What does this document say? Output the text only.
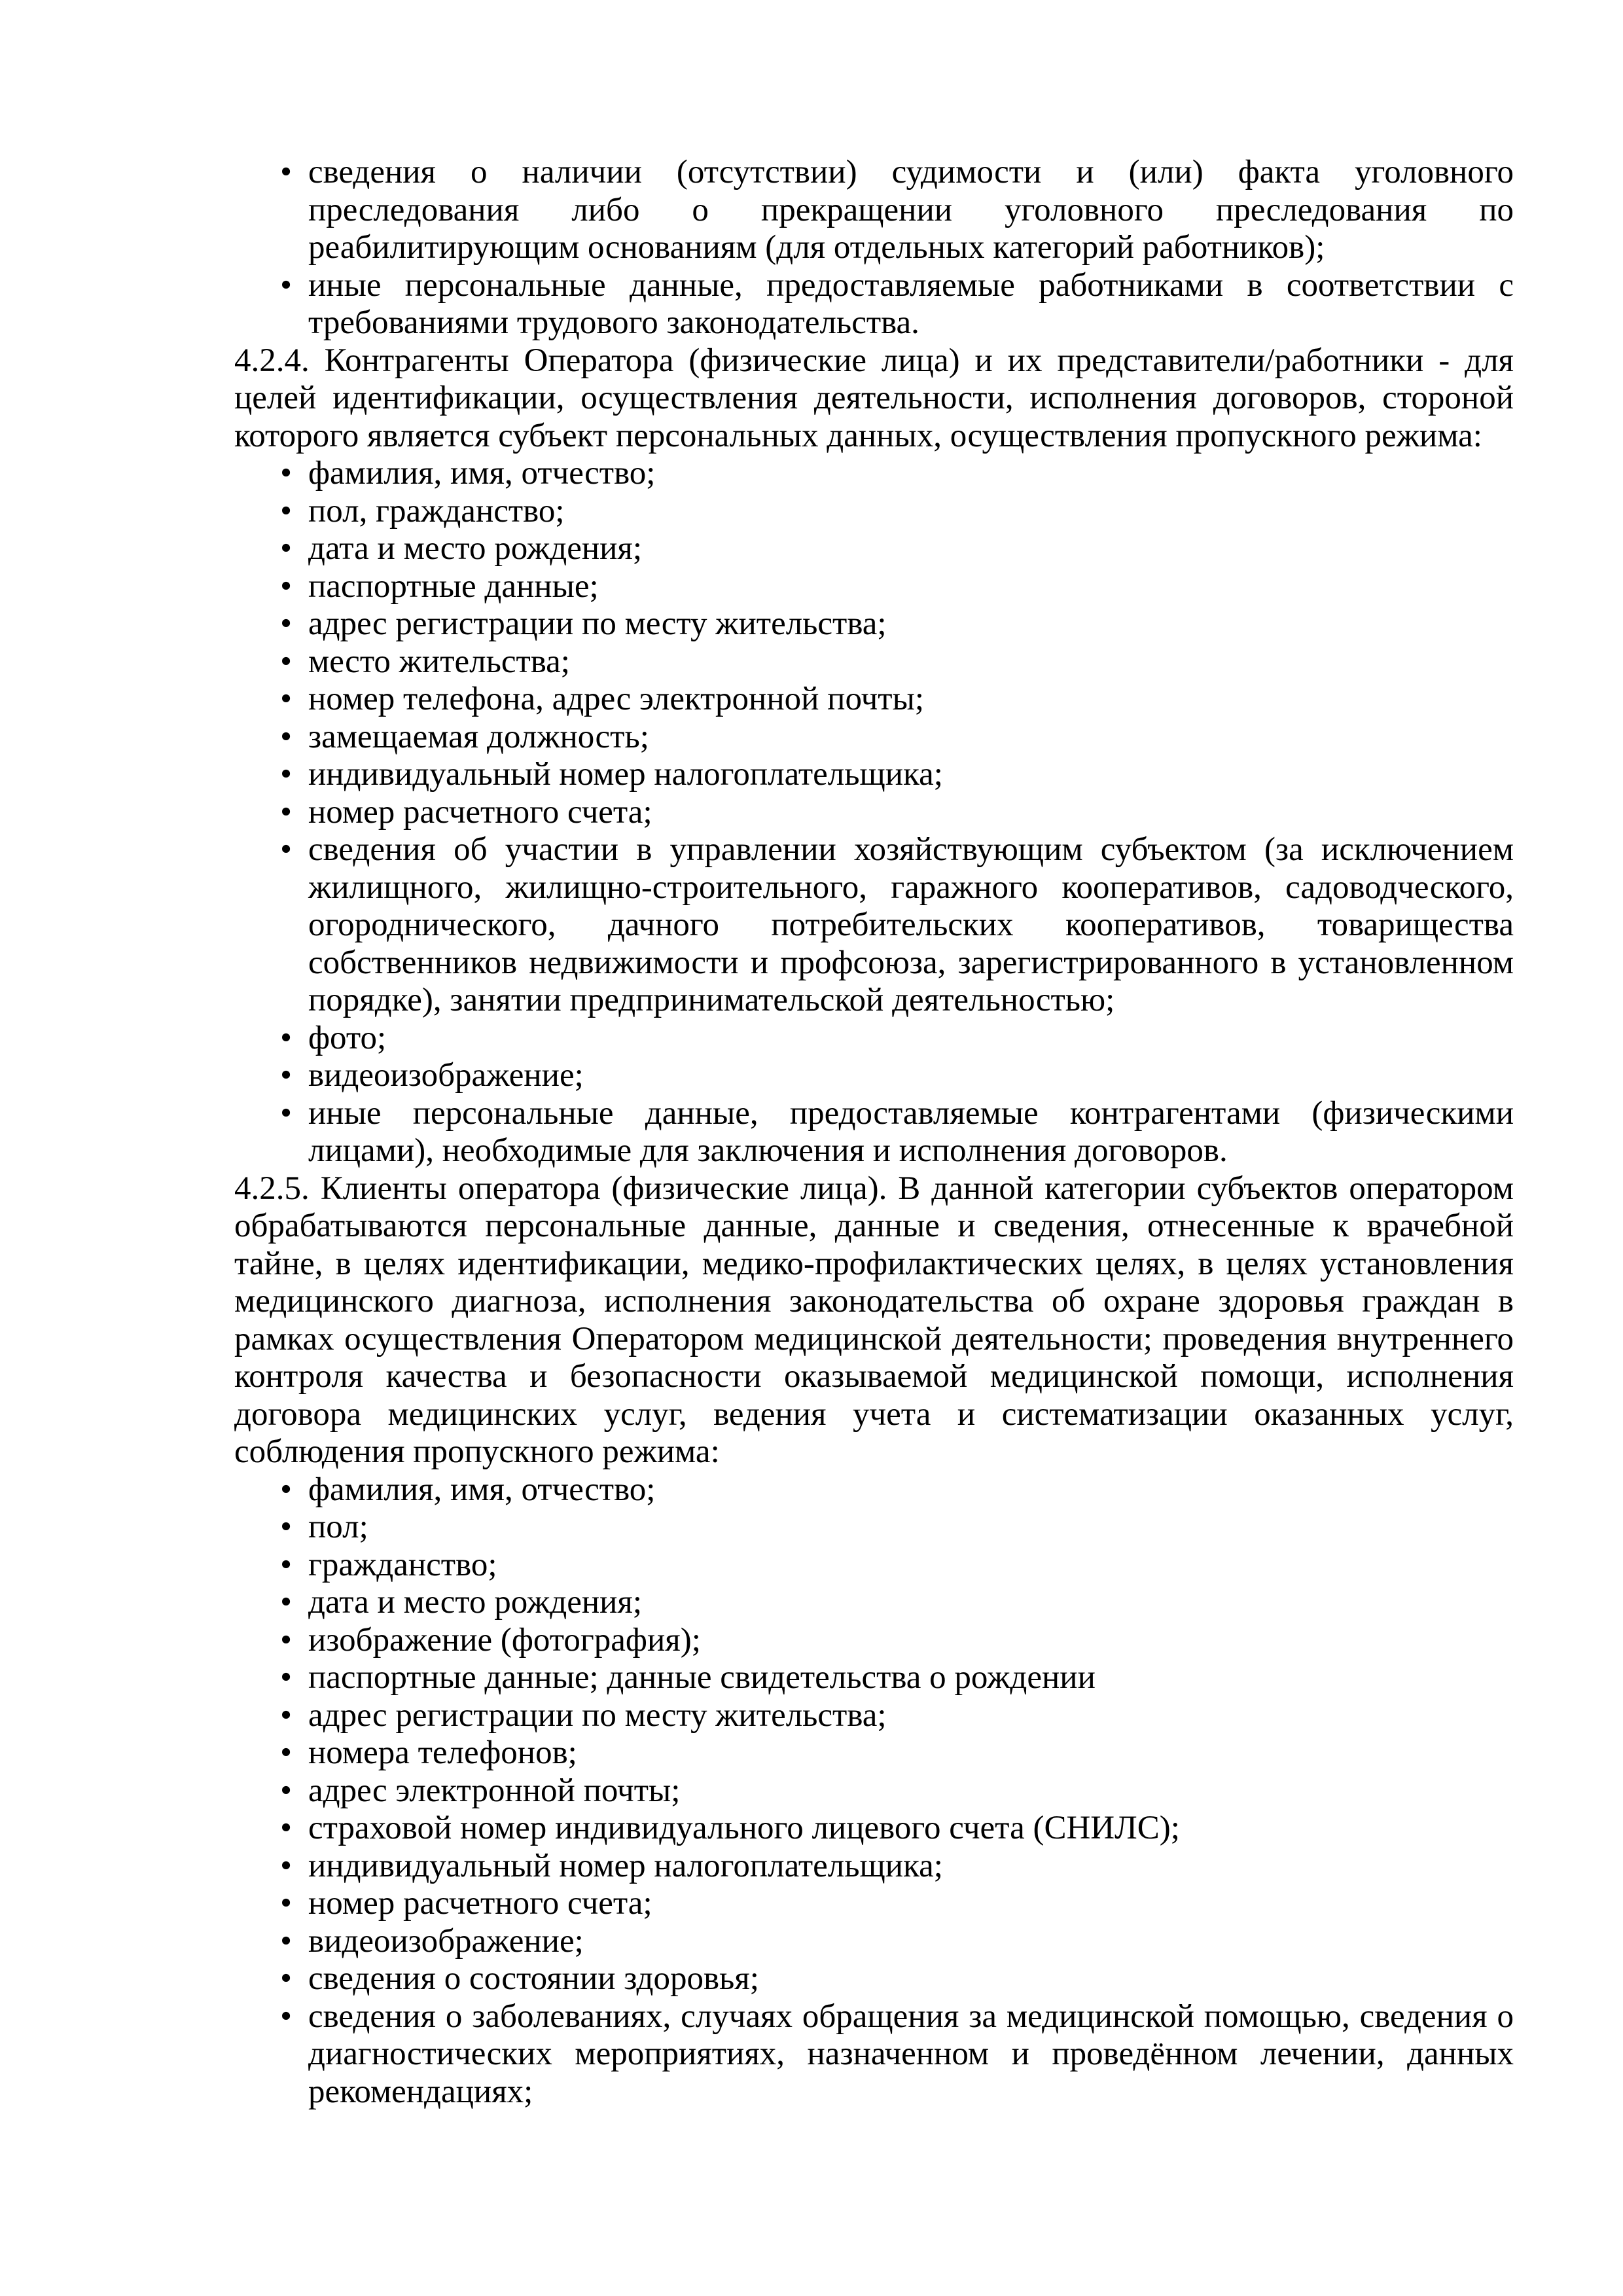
• сведения о наличии (отсутствии) судимости и (или) факта уголовного преследования либо о прекращении уголовного преследования по реабилитирующим основаниям (для отдельных категорий работников);
• иные персональные данные, предоставляемые работниками в соответствии с требованиями трудового законодательства.

4.2.4. Контрагенты Оператора (физические лица) и их представители/работники - для целей идентификации, осуществления деятельности, исполнения договоров, стороной которого является субъект персональных данных, осуществления пропускного режима:

• фамилия, имя, отчество;
• пол, гражданство;
• дата и место рождения;
• паспортные данные;
• адрес регистрации по месту жительства;
• место жительства;
• номер телефона, адрес электронной почты;
• замещаемая должность;
• индивидуальный номер налогоплательщика;
• номер расчетного счета;
• сведения об участии в управлении хозяйствующим субъектом (за исключением жилищного, жилищно-строительного, гаражного кооперативов, садоводческого, огороднического, дачного потребительских кооперативов, товарищества собственников недвижимости и профсоюза, зарегистрированного в установленном порядке), занятии предпринимательской деятельностью;
• фото;
• видеоизображение;
• иные персональные данные, предоставляемые контрагентами (физическими лицами), необходимые для заключения и исполнения договоров.

4.2.5. Клиенты оператора (физические лица). В данной категории субъектов оператором обрабатываются персональные данные, данные и сведения, отнесенные к врачебной тайне, в целях идентификации, медико-профилактических целях, в целях установления медицинского диагноза, исполнения законодательства об охране здоровья граждан в рамках осуществления Оператором медицинской деятельности; проведения внутреннего контроля качества и безопасности оказываемой медицинской помощи, исполнения договора медицинских услуг, ведения учета и систематизации оказанных услуг, соблюдения пропускного режима:

• фамилия, имя, отчество;
• пол;
• гражданство;
• дата и место рождения;
• изображение (фотография);
• паспортные данные; данные свидетельства о рождении
• адрес регистрации по месту жительства;
• номера телефонов;
• адрес электронной почты;
• страховой номер индивидуального лицевого счета (СНИЛС);
• индивидуальный номер налогоплательщика;
• номер расчетного счета;
• видеоизображение;
• сведения о состоянии здоровья;
• сведения о заболеваниях, случаях обращения за медицинской помощью, сведения о диагностических мероприятиях, назначенном и проведённом лечении, данных рекомендациях;
